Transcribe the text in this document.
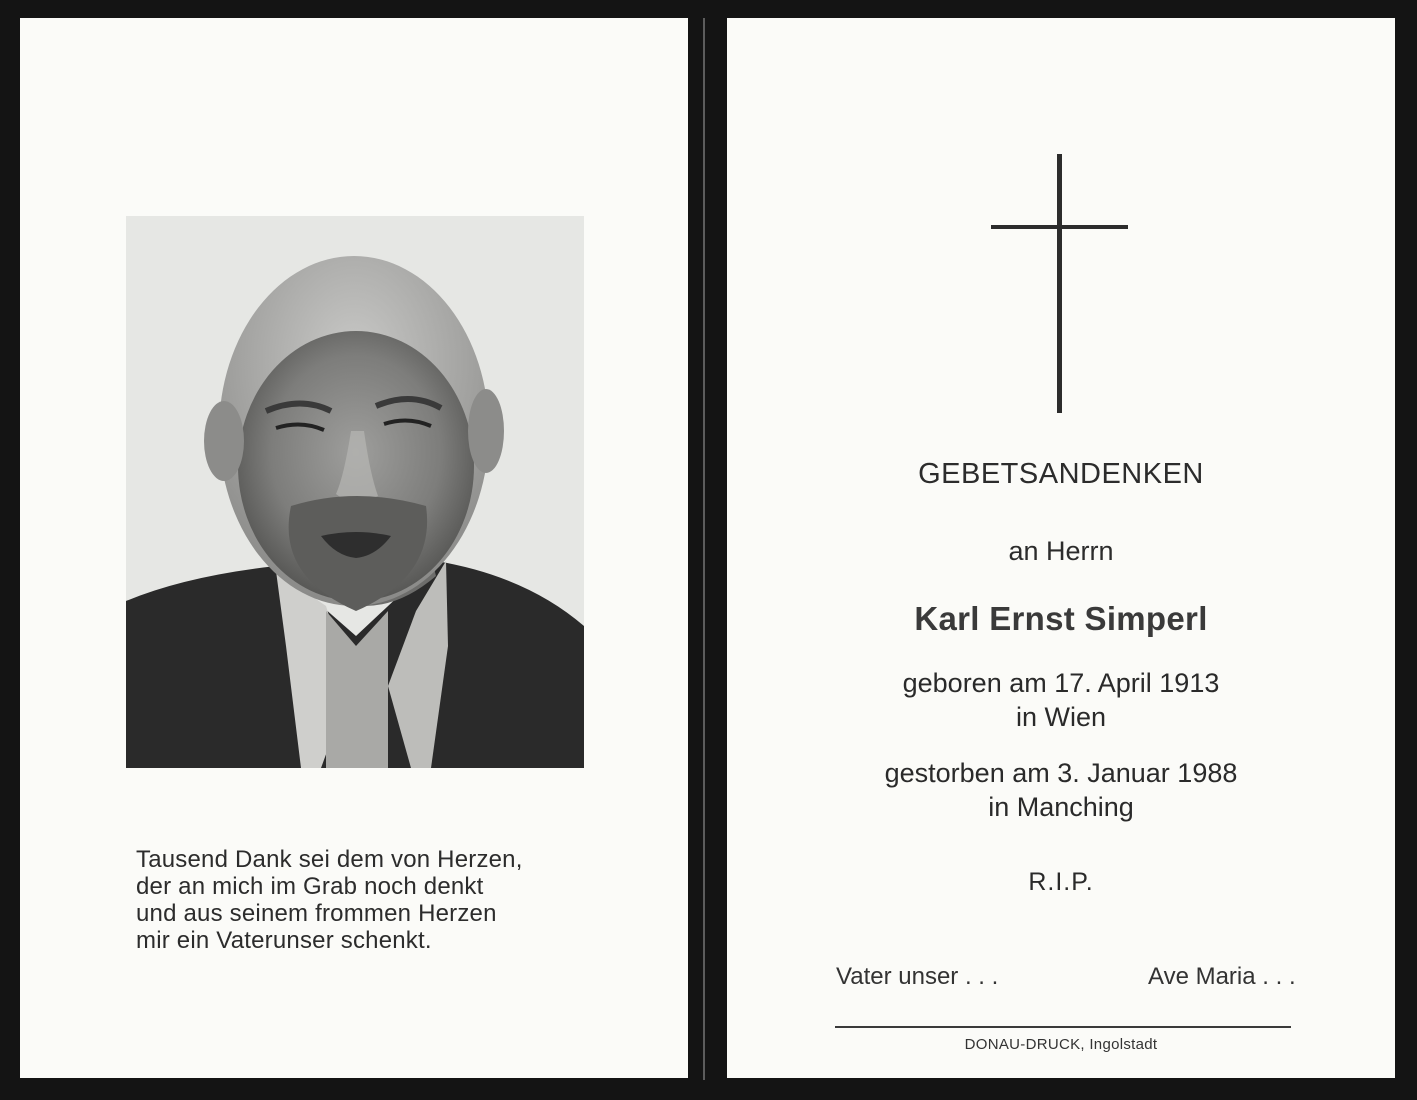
Tausend Dank sei dem von Herzen,
der an mich im Grab noch denkt
und aus seinem frommen Herzen
mir ein Vaterunser schenkt.
GEBETSANDENKEN
an Herrn
Karl Ernst Simperl
geboren am 17. April 1913
in Wien
gestorben am 3. Januar 1988
in Manching
R.I.P.
Vater unser . . .	Ave Maria . . .
DONAU-DRUCK, Ingolstadt
